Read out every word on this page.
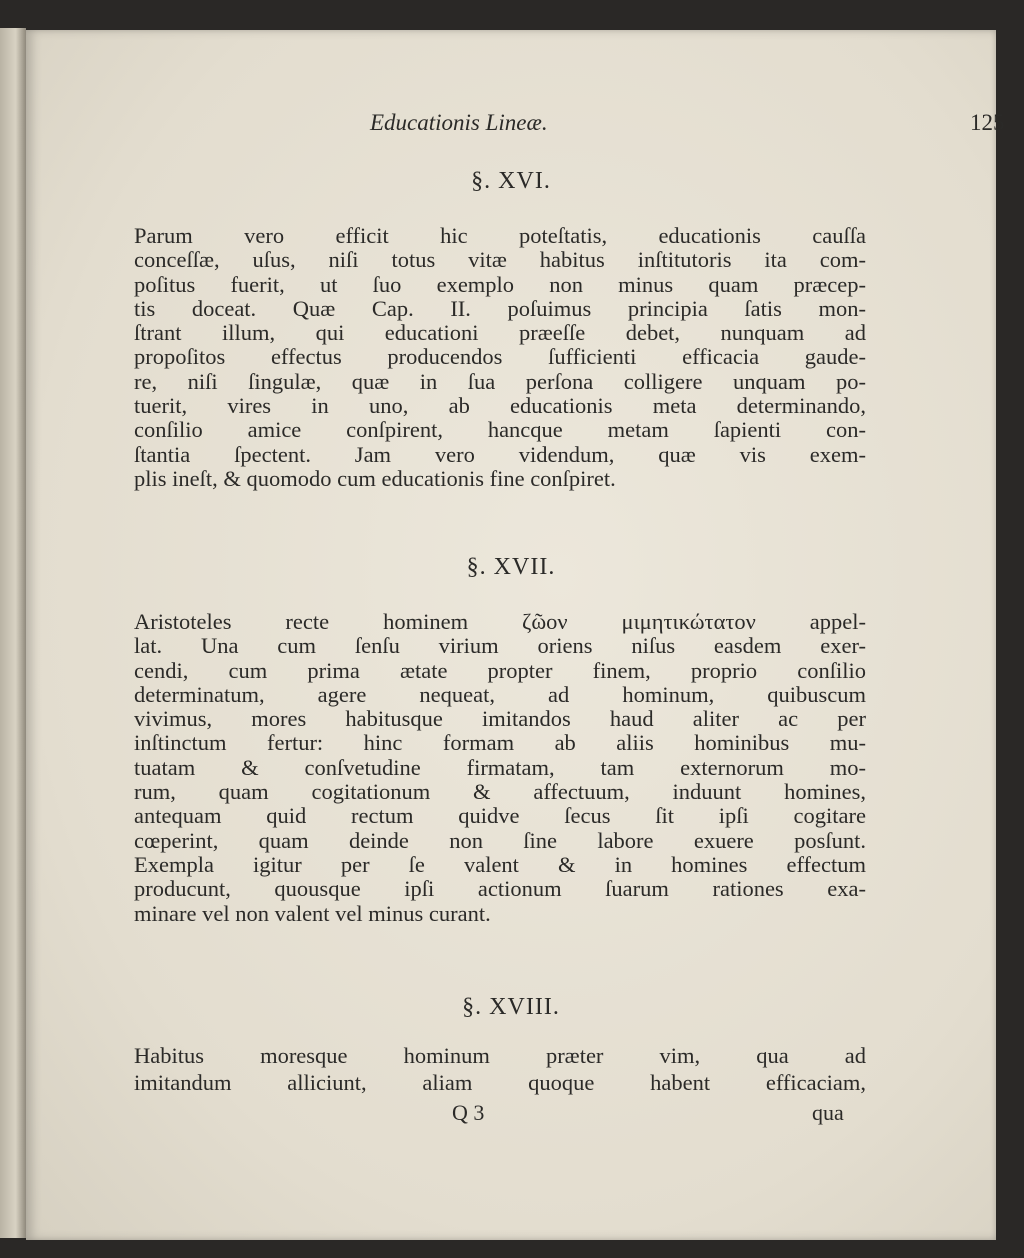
Educationis Lineæ.	125
§. XVI.
Parum vero efficit hic poteſtatis, educationis cauſſa
conceſſæ, uſus, niſi totus vitæ habitus inſtitutoris ita com-
poſitus fuerit, ut ſuo exemplo non minus quam præcep-
tis doceat. Quæ Cap. II. poſuimus principia ſatis mon-
ſtrant illum, qui educationi præeſſe debet, nunquam ad
propoſitos effectus producendos ſufficienti efficacia gaude-
re, niſi ſingulæ, quæ in ſua perſona colligere unquam po-
tuerit, vires in uno, ab educationis meta determinando,
conſilio amice conſpirent, hancque metam ſapienti con-
ſtantia ſpectent. Jam vero videndum, quæ vis exem-
plis ineſt, & quomodo cum educationis fine conſpiret.
§. XVII.
Aristoteles recte hominem ζῶον μιμητικώτατον appel-
lat. Una cum ſenſu virium oriens niſus easdem exer-
cendi, cum prima ætate propter finem, proprio conſilio
determinatum, agere nequeat, ad hominum, quibuscum
vivimus, mores habitusque imitandos haud aliter ac per
inſtinctum fertur: hinc formam ab aliis hominibus mu-
tuatam & conſvetudine firmatam, tam externorum mo-
rum, quam cogitationum & affectuum, induunt homines,
antequam quid rectum quidve ſecus ſit ipſi cogitare
cœperint, quam deinde non ſine labore exuere posſunt.
Exempla igitur per ſe valent & in homines effectum
producunt, quousque ipſi actionum ſuarum rationes exa-
minare vel non valent vel minus curant.
§. XVIII.
Habitus moresque hominum præter vim, qua ad
imitandum alliciunt, aliam quoque habent efficaciam,
Q 3	qua
